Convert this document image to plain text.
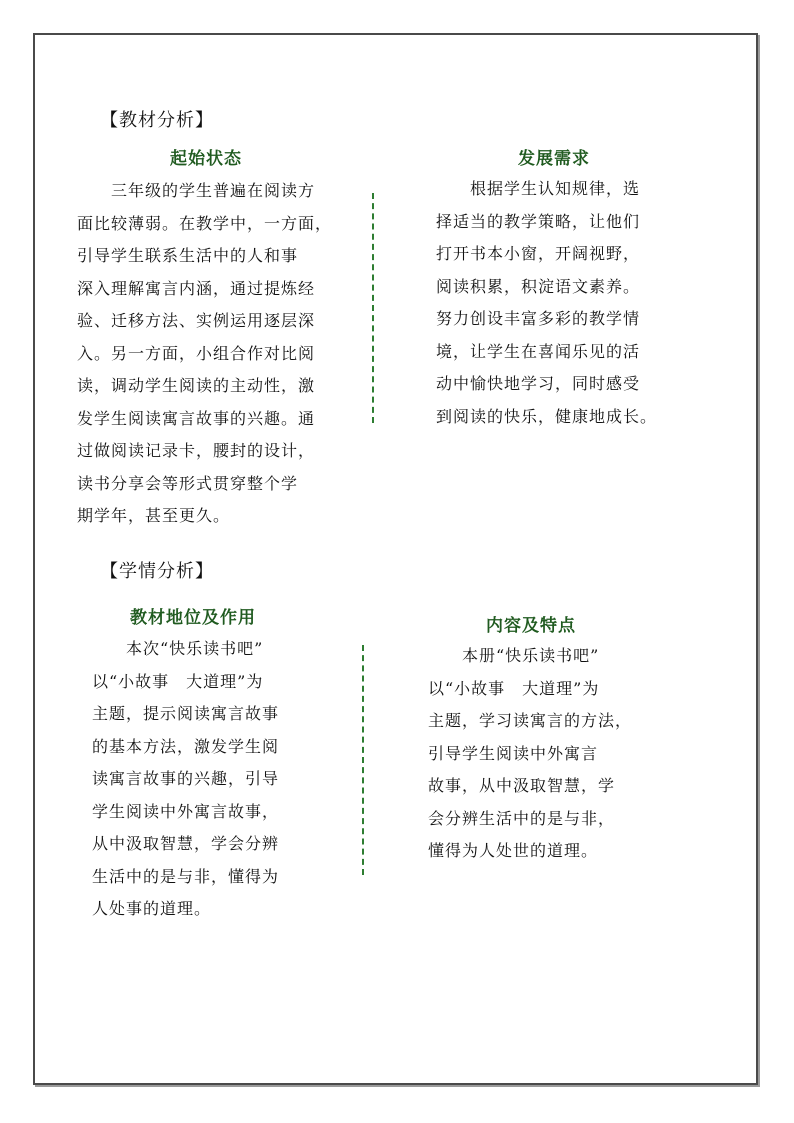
【教材分析】
起始状态
　　三年级的学生普遍在阅读方
面比较薄弱。在教学中，一方面，
引导学生联系生活中的人和事
深入理解寓言内涵，通过提炼经
验、迁移方法、实例运用逐层深
入。另一方面，小组合作对比阅
读，调动学生阅读的主动性，激
发学生阅读寓言故事的兴趣。通
过做阅读记录卡，腰封的设计，
读书分享会等形式贯穿整个学
期学年，甚至更久。
发展需求
　　根据学生认知规律，选
择适当的教学策略，让他们
打开书本小窗，开阔视野，
阅读积累，积淀语文素养。
努力创设丰富多彩的教学情
境，让学生在喜闻乐见的活
动中愉快地学习，同时感受
到阅读的快乐，健康地成长。
【学情分析】
教材地位及作用
　　本次“快乐读书吧”
以“小故事　大道理”为
主题，提示阅读寓言故事
的基本方法，激发学生阅
读寓言故事的兴趣，引导
学生阅读中外寓言故事，
从中汲取智慧，学会分辨
生活中的是与非，懂得为
人处事的道理。
内容及特点
　　本册“快乐读书吧”
以“小故事　大道理”为
主题，学习读寓言的方法，
引导学生阅读中外寓言
故事，从中汲取智慧，学
会分辨生活中的是与非，
懂得为人处世的道理。
